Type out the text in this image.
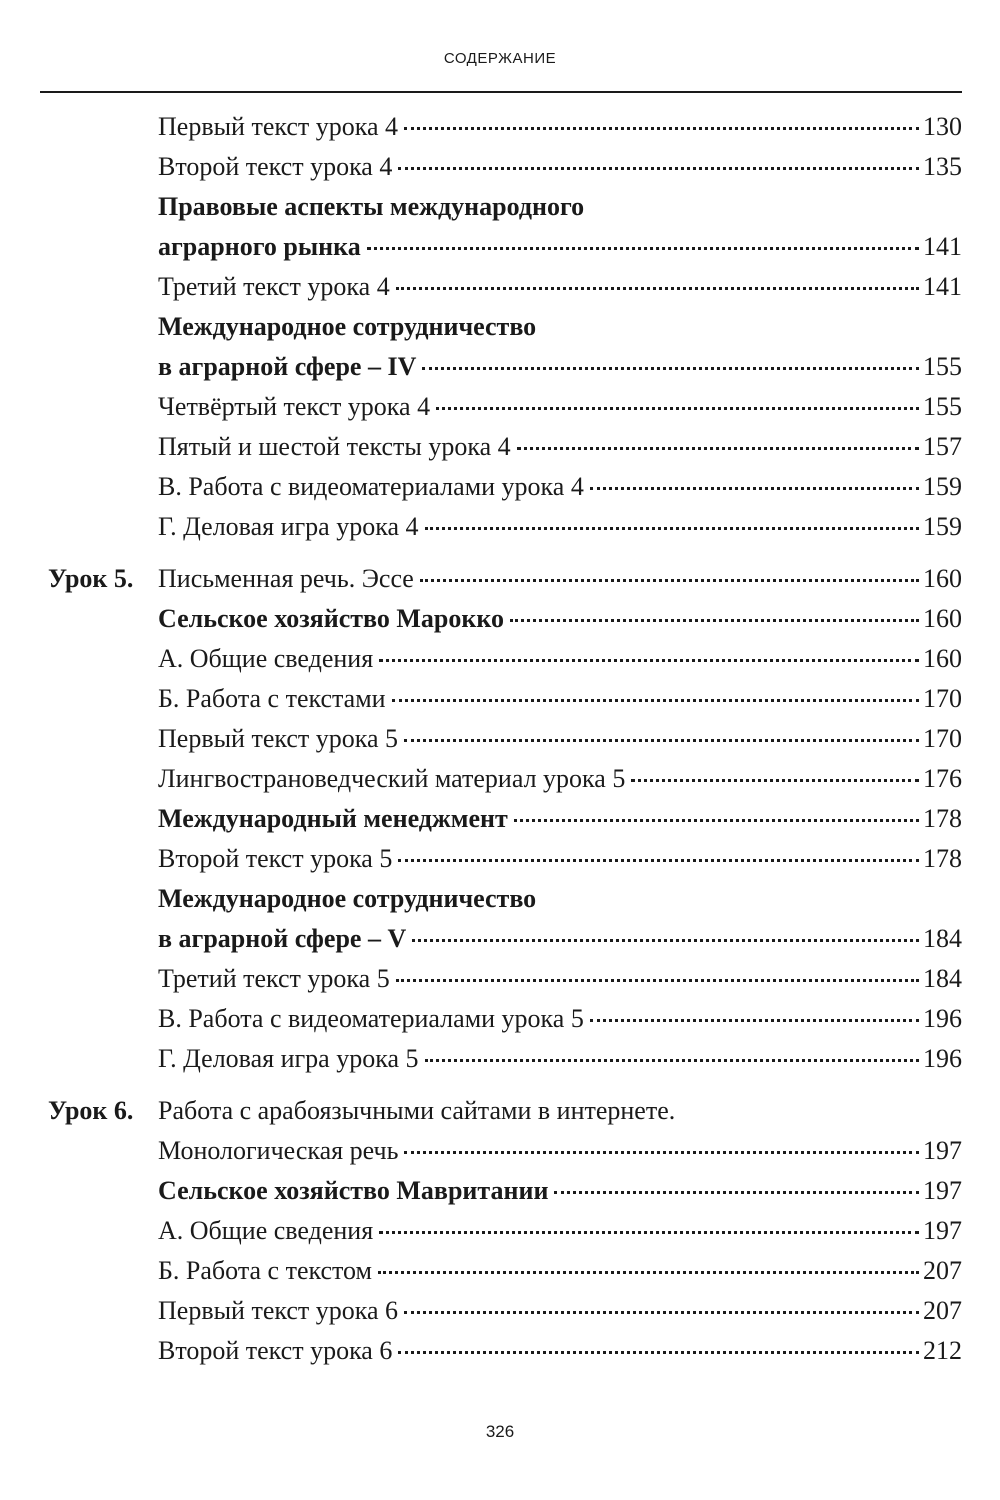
СОДЕРЖАНИЕ
Первый текст урока 4	130
Второй текст урока 4	135
Правовые аспекты международного
аграрного рынка	141
Третий текст урока 4	141
Международное сотрудничество
в аграрной сфере – IV	155
Четвёртый текст урока 4	155
Пятый и шестой тексты урока 4	157
В. Работа с видеоматериалами урока 4	159
Г. Деловая игра урока 4	159
Урок 5. Письменная речь. Эссе	160
Сельское хозяйство Марокко	160
А. Общие сведения	160
Б. Работа с текстами	170
Первый текст урока 5	170
Лингвострановедческий материал урока 5	176
Международный менеджмент	178
Второй текст урока 5	178
Международное сотрудничество
в аграрной сфере – V	184
Третий текст урока 5	184
В. Работа с видеоматериалами урока 5	196
Г. Деловая игра урока 5	196
Урок 6. Работа с арабоязычными сайтами в интернете.
Монологическая речь	197
Сельское хозяйство Мавритании	197
А. Общие сведения	197
Б. Работа с текстом	207
Первый текст урока 6	207
Второй текст урока 6	212
326
